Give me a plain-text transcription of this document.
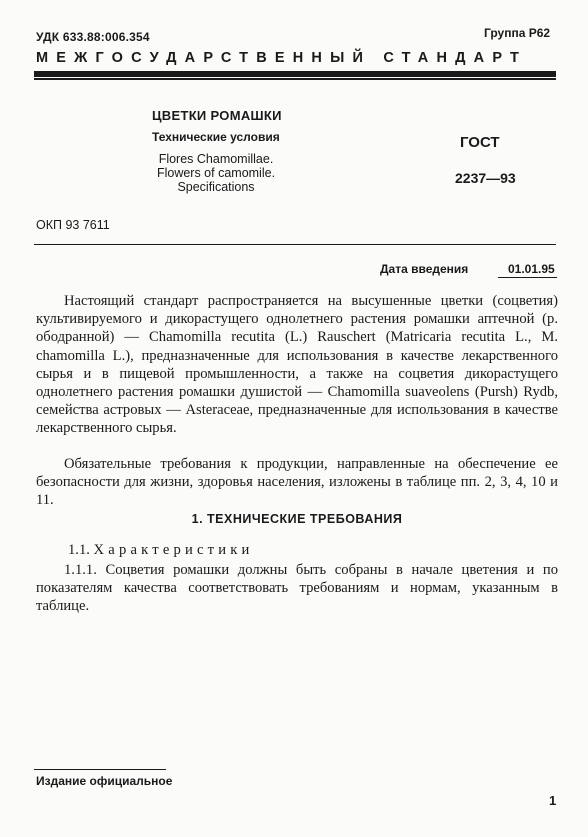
УДК 633.88:006.354	Группа Р62
МЕЖГОСУДАРСТВЕННЫЙ СТАНДАРТ
ЦВЕТКИ РОМАШКИ
Технические условия
Flores Chamomillae.
Flowers of camomile.
Specifications
ГОСТ
2237—93
ОКП 93 7611
Дата введения	01.01.95
Настоящий стандарт распространяется на высушенные цветки (соцветия) культивируемого и дикорастущего однолетнего растения ромашки аптечной (р. ободранной) — Chamomilla recutita (L.) Rauschert (Matricaria recutita L., M. chamomilla L.), предназначенные для использования в качестве лекарственного сырья и в пищевой промышленности, а также на соцветия дикорастущего однолетнего растения ромашки душистой — Chamomilla suaveolens (Pursh) Rydb, семейства астровых — Asteraceae, предназначенные для использования в качестве лекарственного сырья.
Обязательные требования к продукции, направленные на обеспечение ее безопасности для жизни, здоровья населения, изложены в таблице пп. 2, 3, 4, 10 и 11.
1. ТЕХНИЧЕСКИЕ ТРЕБОВАНИЯ
1.1. Характеристики
1.1.1. Соцветия ромашки должны быть собраны в начале цветения и по показателям качества соответствовать требованиям и нормам, указанным в таблице.
Издание официальное
1
